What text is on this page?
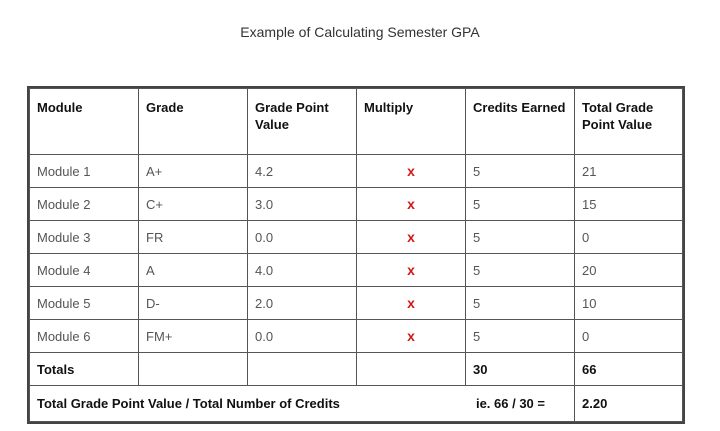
Example of Calculating Semester GPA
Module	Grade	Grade Point Value	Multiply	Credits Earned	Total Grade Point Value
Module 1	A+	4.2	x	5	21
Module 2	C+	3.0	x	5	15
Module 3	FR	0.0	x	5	0
Module 4	A	4.0	x	5	20
Module 5	D-	2.0	x	5	10
Module 6	FM+	0.0	x	5	0
Totals				30	66

Total Grade Point Value / Total Number of Credits ie. 66 / 30 =					2.20
